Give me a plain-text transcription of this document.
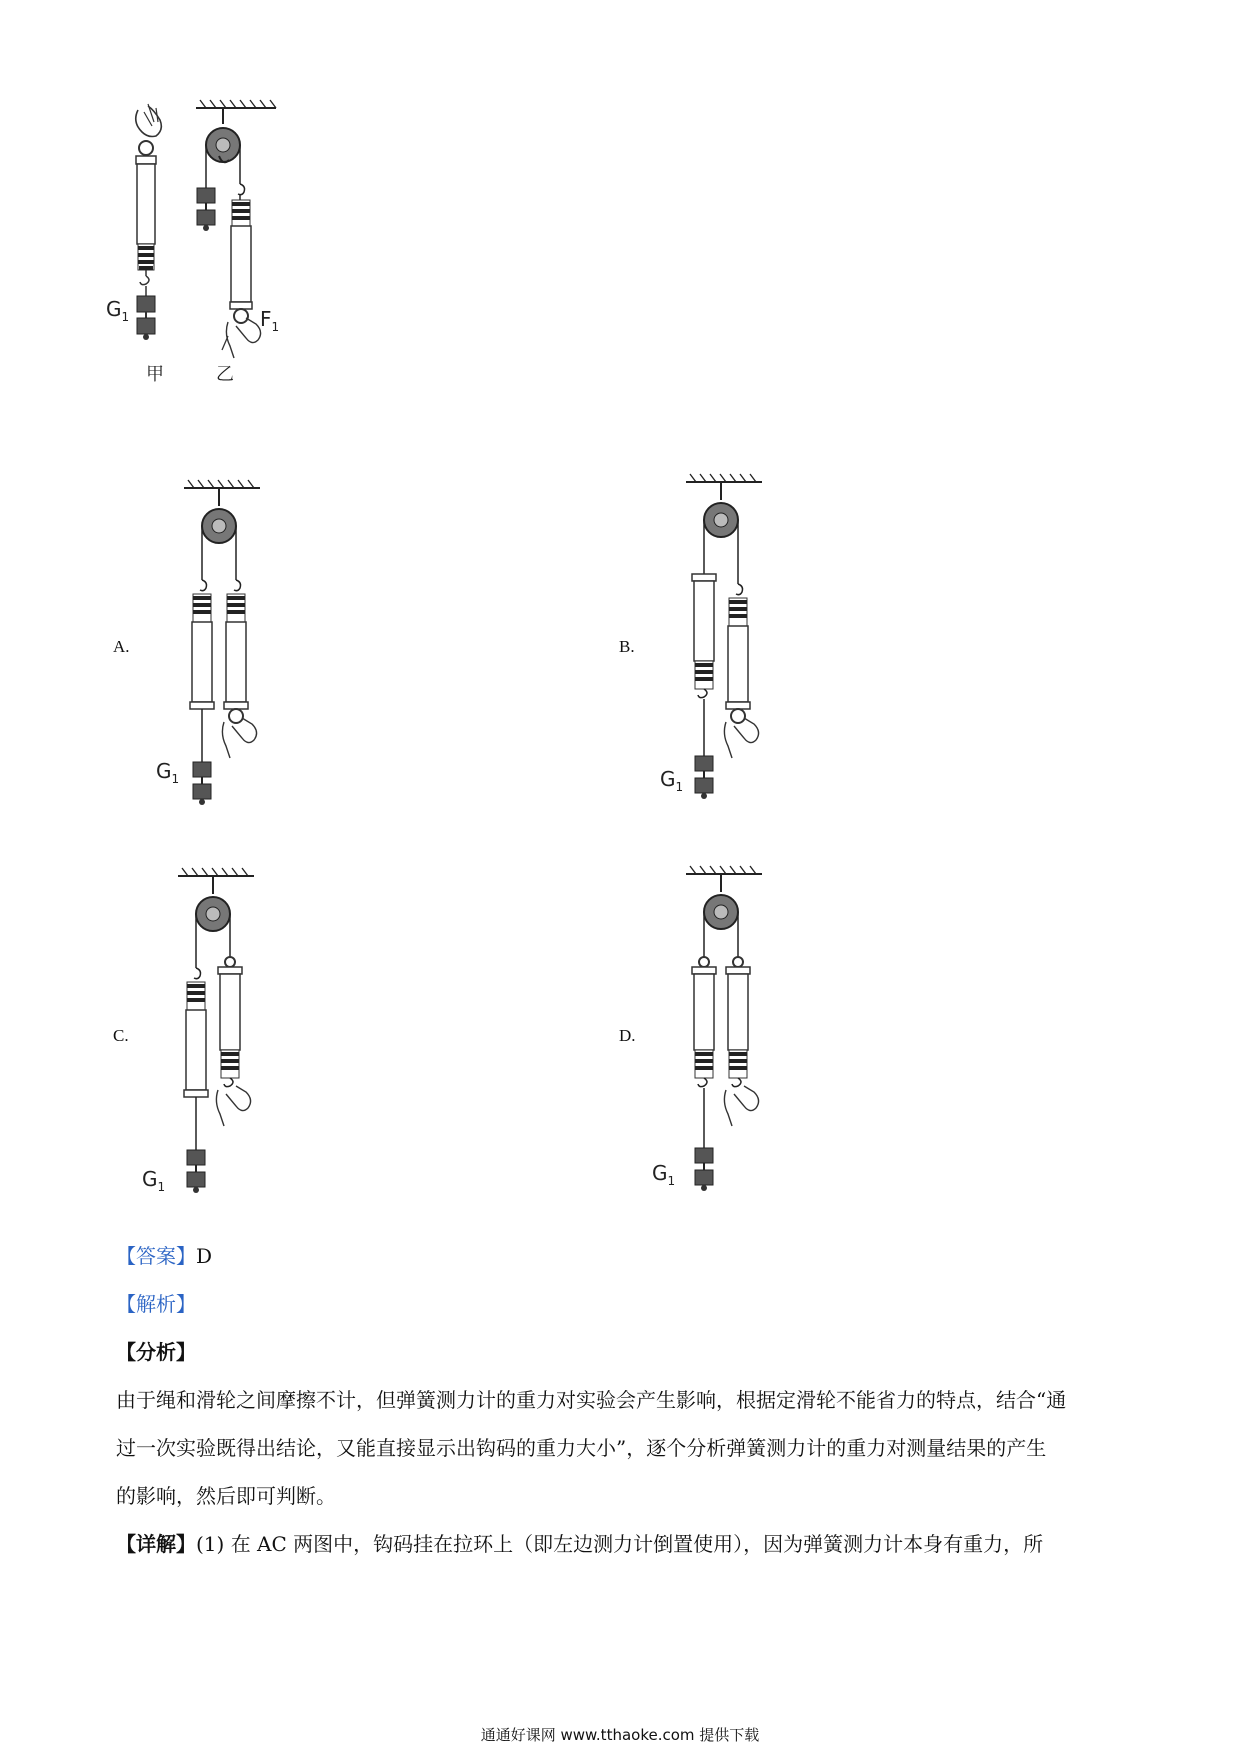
$G_1$	$F_1$
甲	乙
A.
$G_1$
B.
$G_1$
C.
$G_1$
D.
$G_1$
【答案】D
【解析】
【分析】
由于绳和滑轮之间摩擦不计，但弹簧测力计的重力对实验会产生影响，根据定滑轮不能省力的特点，结合“通
过一次实验既得出结论，又能直接显示出钩码的重力大小”，逐个分析弹簧测力计的重力对测量结果的产生
的影响，然后即可判断。
【详解】(1) 在 AC 两图中，钩码挂在拉环上（即左边测力计倒置使用），因为弹簧测力计本身有重力，所
通通好课网 www.tthaoke.com 提供下载
